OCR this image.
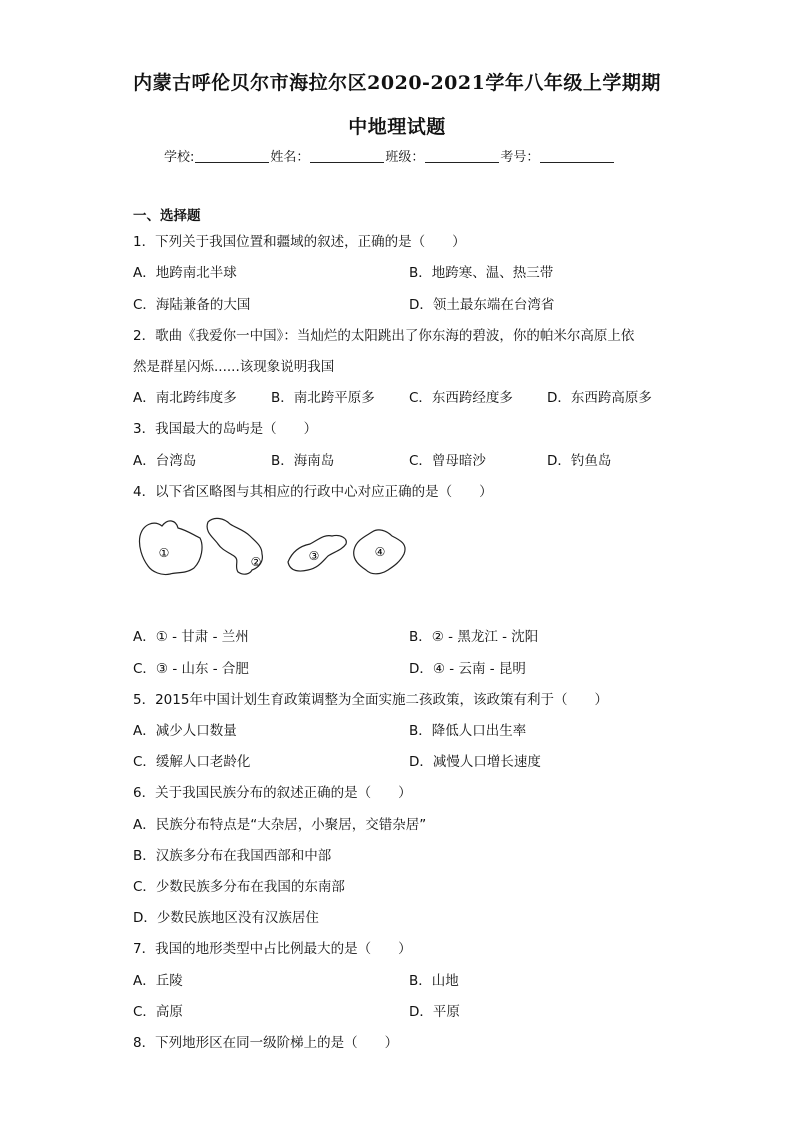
内蒙古呼伦贝尔市海拉尔区2020-2021学年八年级上学期期
中地理试题
学校:	姓名：	班级：	考号：
一、选择题
1．下列关于我国位置和疆域的叙述，正确的是（　　）
A．地跨南北半球	B．地跨寒、温、热三带
C．海陆兼备的大国	D．领土最东端在台湾省
2．歌曲《我爱你一中国》：当灿烂的太阳跳出了你东海的碧波，你的帕米尔高原上依
然是群星闪烁......该现象说明我国
A．南北跨纬度多	B．南北跨平原多	C．东西跨经度多	D．东西跨高原多
3．我国最大的岛屿是（　　）
A．台湾岛	B．海南岛	C．曾母暗沙	D．钓鱼岛
4．以下省区略图与其相应的行政中心对应正确的是（　　）
①
②	③	④
A．① - 甘肃 - 兰州	B．② - 黑龙江 - 沈阳
C．③ - 山东 - 合肥	D．④ - 云南 - 昆明
5．2015年中国计划生育政策调整为全面实施二孩政策，该政策有利于（　　）
A．减少人口数量	B．降低人口出生率
C．缓解人口老龄化	D．减慢人口增长速度
6．关于我国民族分布的叙述正确的是（　　）
A．民族分布特点是“大杂居，小聚居，交错杂居”
B．汉族多分布在我国西部和中部
C．少数民族多分布在我国的东南部
D．少数民族地区没有汉族居住
7．我国的地形类型中占比例最大的是（　　）
A．丘陵	B．山地
C．高原	D．平原
8．下列地形区在同一级阶梯上的是（　　）
